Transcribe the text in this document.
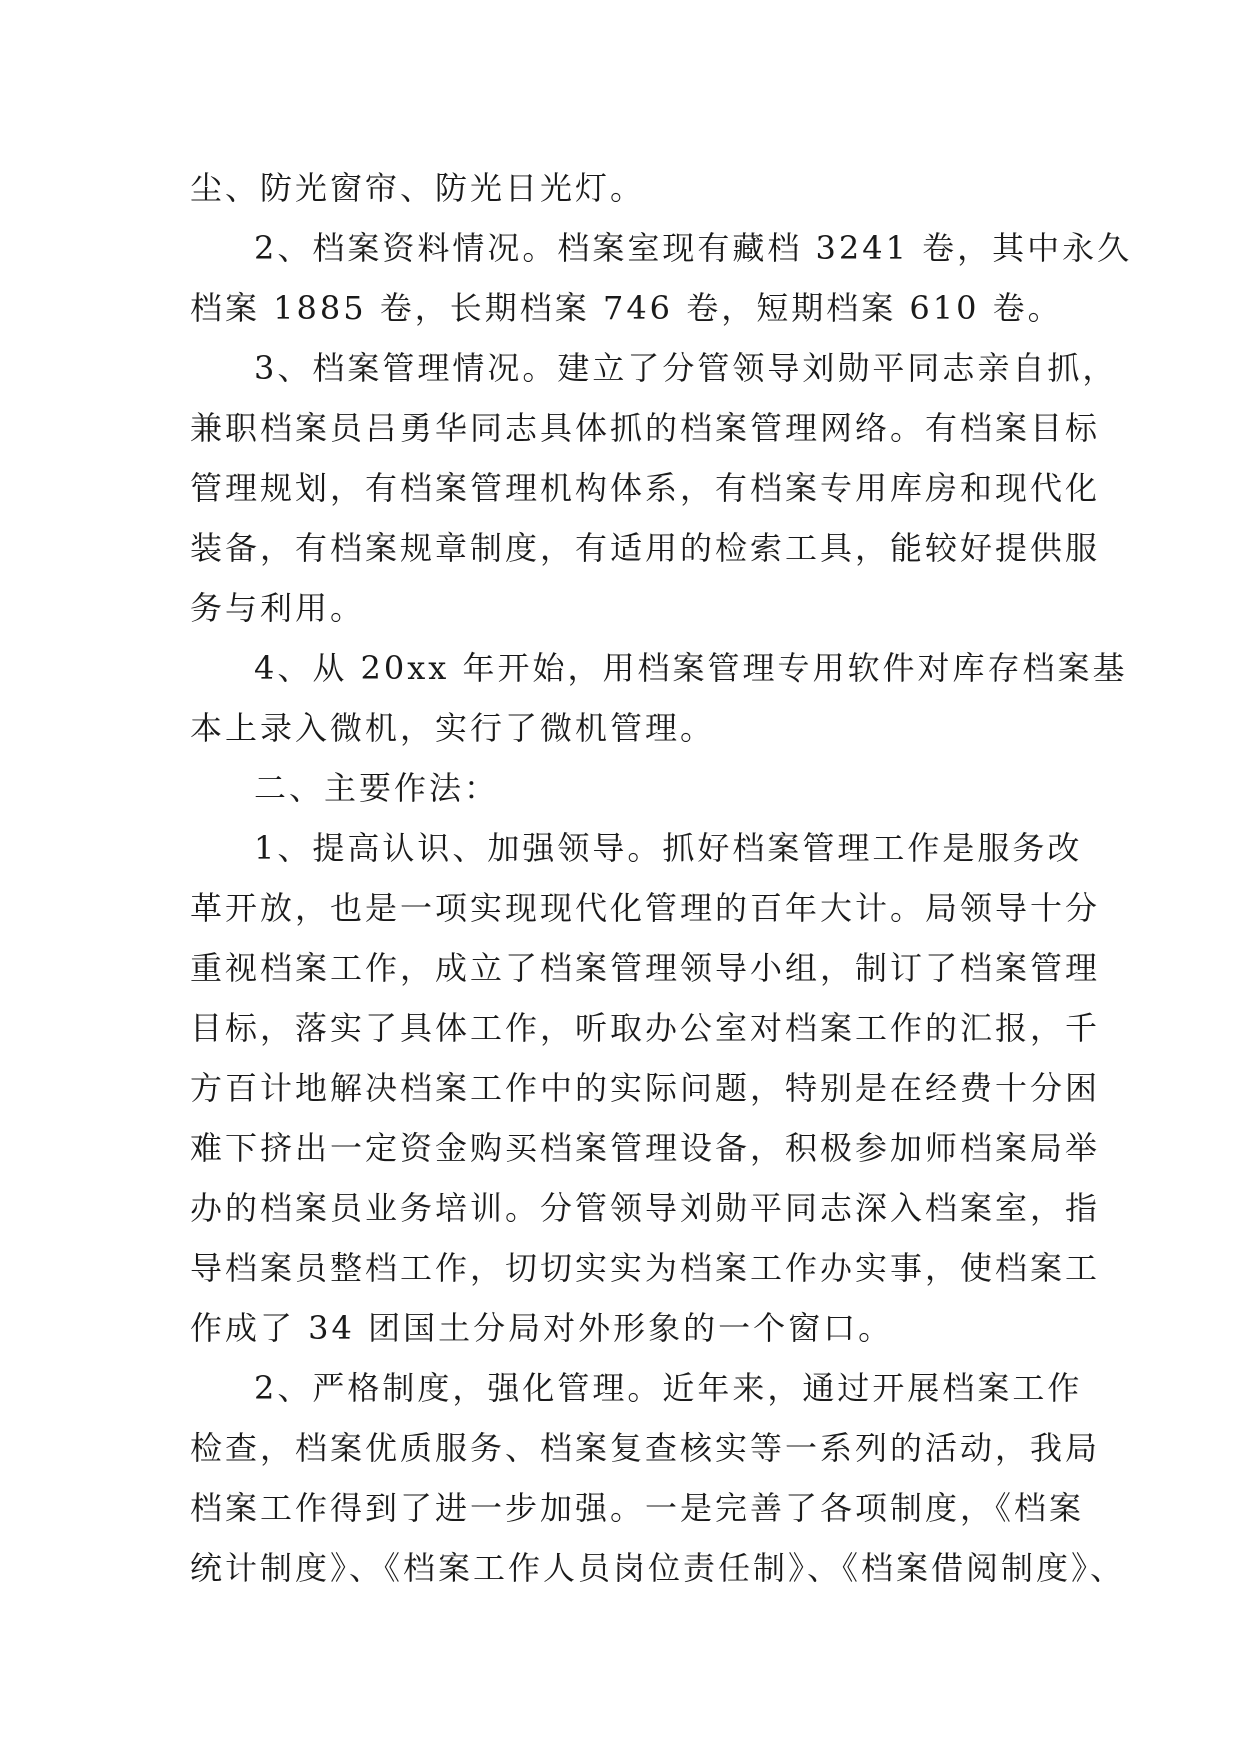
尘、防光窗帘、防光日光灯。
2、档案资料情况。档案室现有藏档 3241 卷，其中永久
档案 1885 卷，长期档案 746 卷，短期档案 610 卷。
3、档案管理情况。建立了分管领导刘勋平同志亲自抓，
兼职档案员吕勇华同志具体抓的档案管理网络。有档案目标
管理规划，有档案管理机构体系，有档案专用库房和现代化
装备，有档案规章制度，有适用的检索工具，能较好提供服
务与利用。
4、从 20xx 年开始，用档案管理专用软件对库存档案基
本上录入微机，实行了微机管理。
二、主要作法：
1、提高认识、加强领导。抓好档案管理工作是服务改
革开放，也是一项实现现代化管理的百年大计。局领导十分
重视档案工作，成立了档案管理领导小组，制订了档案管理
目标，落实了具体工作，听取办公室对档案工作的汇报，千
方百计地解决档案工作中的实际问题，特别是在经费十分困
难下挤出一定资金购买档案管理设备，积极参加师档案局举
办的档案员业务培训。分管领导刘勋平同志深入档案室，指
导档案员整档工作，切切实实为档案工作办实事，使档案工
作成了 34 团国土分局对外形象的一个窗口。
2、严格制度，强化管理。近年来，通过开展档案工作
检查，档案优质服务、档案复查核实等一系列的活动，我局
档案工作得到了进一步加强。一是完善了各项制度，《档案
统计制度》、《档案工作人员岗位责任制》、《档案借阅制度》、
